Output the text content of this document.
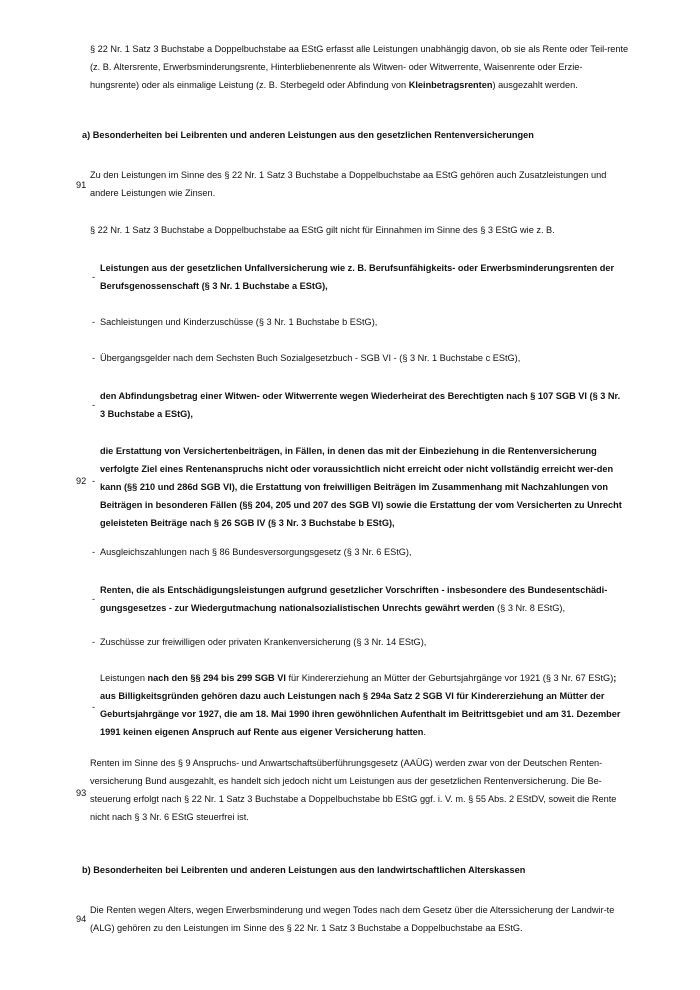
§ 22 Nr. 1 Satz 3 Buchstabe a Doppelbuchstabe aa EStG erfasst alle Leistungen unabhängig davon, ob sie als Rente oder Teil-rente (z. B. Altersrente, Erwerbsminderungsrente, Hinterbliebenenrente als Witwen- oder Witwerrente, Waisenrente oder Erzie-hungsrente) oder als einmalige Leistung (z. B. Sterbegeld oder Abfindung von Kleinbetragsrenten) ausgezahlt werden.

a) Besonderheiten bei Leibrenten und anderen Leistungen aus den gesetzlichen Rentenversicherungen
91

Zu den Leistungen im Sinne des § 22 Nr. 1 Satz 3 Buchstabe a Doppelbuchstabe aa EStG gehören auch Zusatzleistungen und andere Leistungen wie Zinsen.

§ 22 Nr. 1 Satz 3 Buchstabe a Doppelbuchstabe aa EStG gilt nicht für Einnahmen im Sinne des § 3 EStG wie z. B.

-

Leistungen aus der gesetzlichen Unfallversicherung wie z. B. Berufsunfähigkeits- oder Erwerbsminderungsrenten der Berufsgenossenschaft (§ 3 Nr. 1 Buchstabe a EStG),

- Sachleistungen und Kinderzuschüsse (§ 3 Nr. 1 Buchstabe b EStG),

- Übergangsgelder nach dem Sechsten Buch Sozialgesetzbuch - SGB VI - (§ 3 Nr. 1 Buchstabe c EStG),

-

den Abfindungsbetrag einer Witwen- oder Witwerrente wegen Wiederheirat des Berechtigten nach § 107 SGB VI (§ 3 Nr. 3 Buchstabe a EStG),

92 -

die Erstattung von Versichertenbeiträgen, in Fällen, in denen das mit der Einbeziehung in die Rentenversicherung verfolgte Ziel eines Rentenanspruchs nicht oder voraussichtlich nicht erreicht oder nicht vollständig erreicht wer-den kann (§§ 210 und 286d SGB VI), die Erstattung von freiwilligen Beiträgen im Zusammenhang mit Nachzahlungen von Beiträgen in besonderen Fällen (§§ 204, 205 und 207 des SGB VI) sowie die Erstattung der vom Versicherten zu Unrecht geleisteten Beiträge nach § 26 SGB IV (§ 3 Nr. 3 Buchstabe b EStG),

- Ausgleichszahlungen nach § 86 Bundesversorgungsgesetz (§ 3 Nr. 6 EStG),

-

Renten, die als Entschädigungsleistungen aufgrund gesetzlicher Vorschriften - insbesondere des Bundesentschädi-gungsgesetzes - zur Wiedergutmachung nationalsozialistischen Unrechts gewährt werden (§ 3 Nr. 8 EStG),

- Zuschüsse zur freiwilligen oder privaten Krankenversicherung (§ 3 Nr. 14 EStG),

-

Leistungen nach den §§ 294 bis 299 SGB VI für Kindererziehung an Mütter der Geburtsjahrgänge vor 1921 (§ 3 Nr. 67 EStG); aus Billigkeitsgründen gehören dazu auch Leistungen nach § 294a Satz 2 SGB VI für Kindererziehung an Mütter der Geburtsjahrgänge vor 1927, die am 18. Mai 1990 ihren gewöhnlichen Aufenthalt im Beitrittsgebiet und am 31. Dezember 1991 keinen eigenen Anspruch auf Rente aus eigener Versicherung hatten.

93

Renten im Sinne des § 9 Anspruchs- und Anwartschaftsüberführungsgesetz (AAÜG) werden zwar von der Deutschen Renten-versicherung Bund ausgezahlt, es handelt sich jedoch nicht um Leistungen aus der gesetzlichen Rentenversicherung. Die Be-steuerung erfolgt nach § 22 Nr. 1 Satz 3 Buchstabe a Doppelbuchstabe bb EStG ggf. i. V. m. § 55 Abs. 2 EStDV, soweit die Rente nicht nach § 3 Nr. 6 EStG steuerfrei ist.

b) Besonderheiten bei Leibrenten und anderen Leistungen aus den landwirtschaftlichen Alterskassen
94

Die Renten wegen Alters, wegen Erwerbsminderung und wegen Todes nach dem Gesetz über die Alterssicherung der Landwir-te (ALG) gehören zu den Leistungen im Sinne des § 22 Nr. 1 Satz 3 Buchstabe a Doppelbuchstabe aa EStG.
